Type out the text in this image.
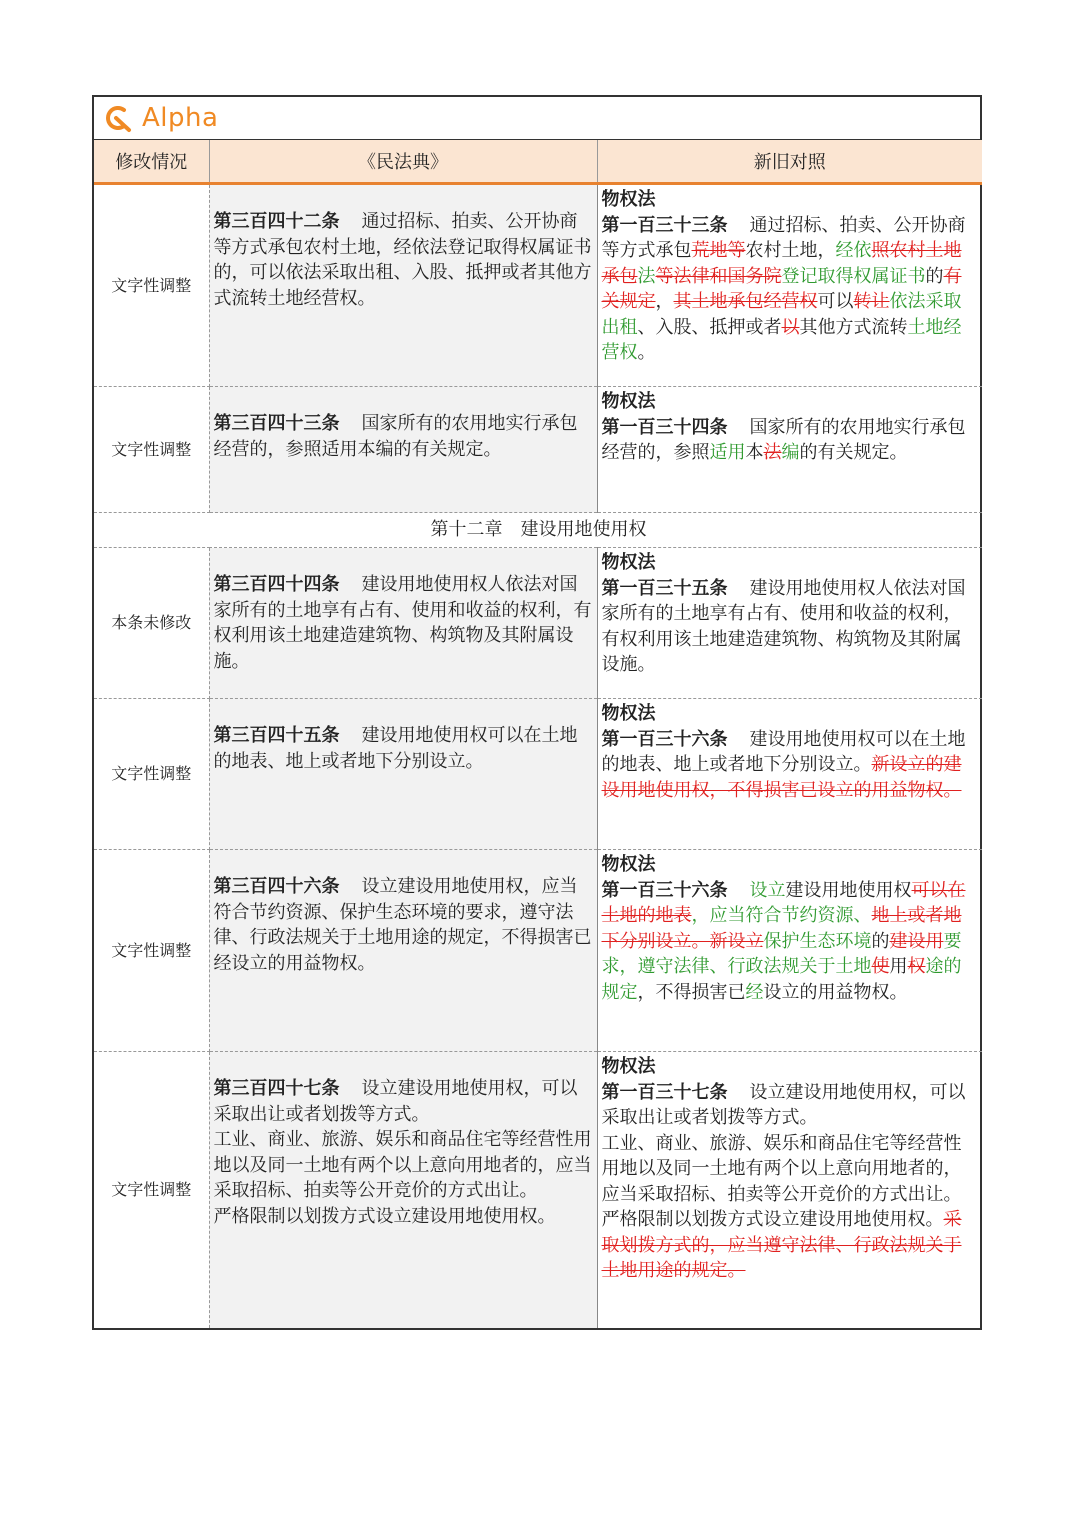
Alpha
修改情况	《民法典》	新旧对照
文字性调整	第三百四十二条 通过招标、拍卖、公开协商等方式承包农村土地，经依法登记取得权属证书的，可以依法采取出租、入股、抵押或者其他方式流转土地经营权。	物权法
第一百三十三条 通过招标、拍卖、公开协商等方式承包荒地等农村土地，经依照农村土地承包法等法律和国务院登记取得权属证书的有关规定，其土地承包经营权可以转让依法采取出租、入股、抵押或者以其他方式流转土地经营权。
文字性调整	第三百四十三条 国家所有的农用地实行承包经营的，参照适用本编的有关规定。	物权法
第一百三十四条 国家所有的农用地实行承包经营的，参照适用本法编的有关规定。
第十二章　建设用地使用权		
本条未修改	第三百四十四条 建设用地使用权人依法对国家所有的土地享有占有、使用和收益的权利，有权利用该土地建造建筑物、构筑物及其附属设施。	物权法
第一百三十五条 建设用地使用权人依法对国家所有的土地享有占有、使用和收益的权利，有权利用该土地建造建筑物、构筑物及其附属设施。
文字性调整	第三百四十五条 建设用地使用权可以在土地的地表、地上或者地下分别设立。	物权法
第一百三十六条 建设用地使用权可以在土地的地表、地上或者地下分别设立。新设立的建设用地使用权，不得损害已设立的用益物权。
文字性调整	第三百四十六条 设立建设用地使用权，应当符合节约资源、保护生态环境的要求，遵守法律、行政法规关于土地用途的规定，不得损害已经设立的用益物权。	物权法
第一百三十六条 设立建设用地使用权可以在土地的地表，应当符合节约资源、地上或者地下分别设立。新设立保护生态环境的建设用要求，遵守法律、行政法规关于土地使用权途的规定，不得损害已经设立的用益物权。
文字性调整	第三百四十七条 设立建设用地使用权，可以采取出让或者划拨等方式。
工业、商业、旅游、娱乐和商品住宅等经营性用地以及同一土地有两个以上意向用地者的，应当采取招标、拍卖等公开竞价的方式出让。
严格限制以划拨方式设立建设用地使用权。	物权法
第一百三十七条 设立建设用地使用权，可以采取出让或者划拨等方式。
工业、商业、旅游、娱乐和商品住宅等经营性用地以及同一土地有两个以上意向用地者的，应当采取招标、拍卖等公开竞价的方式出让。
严格限制以划拨方式设立建设用地使用权。采取划拨方式的，应当遵守法律、行政法规关于土地用途的规定。
